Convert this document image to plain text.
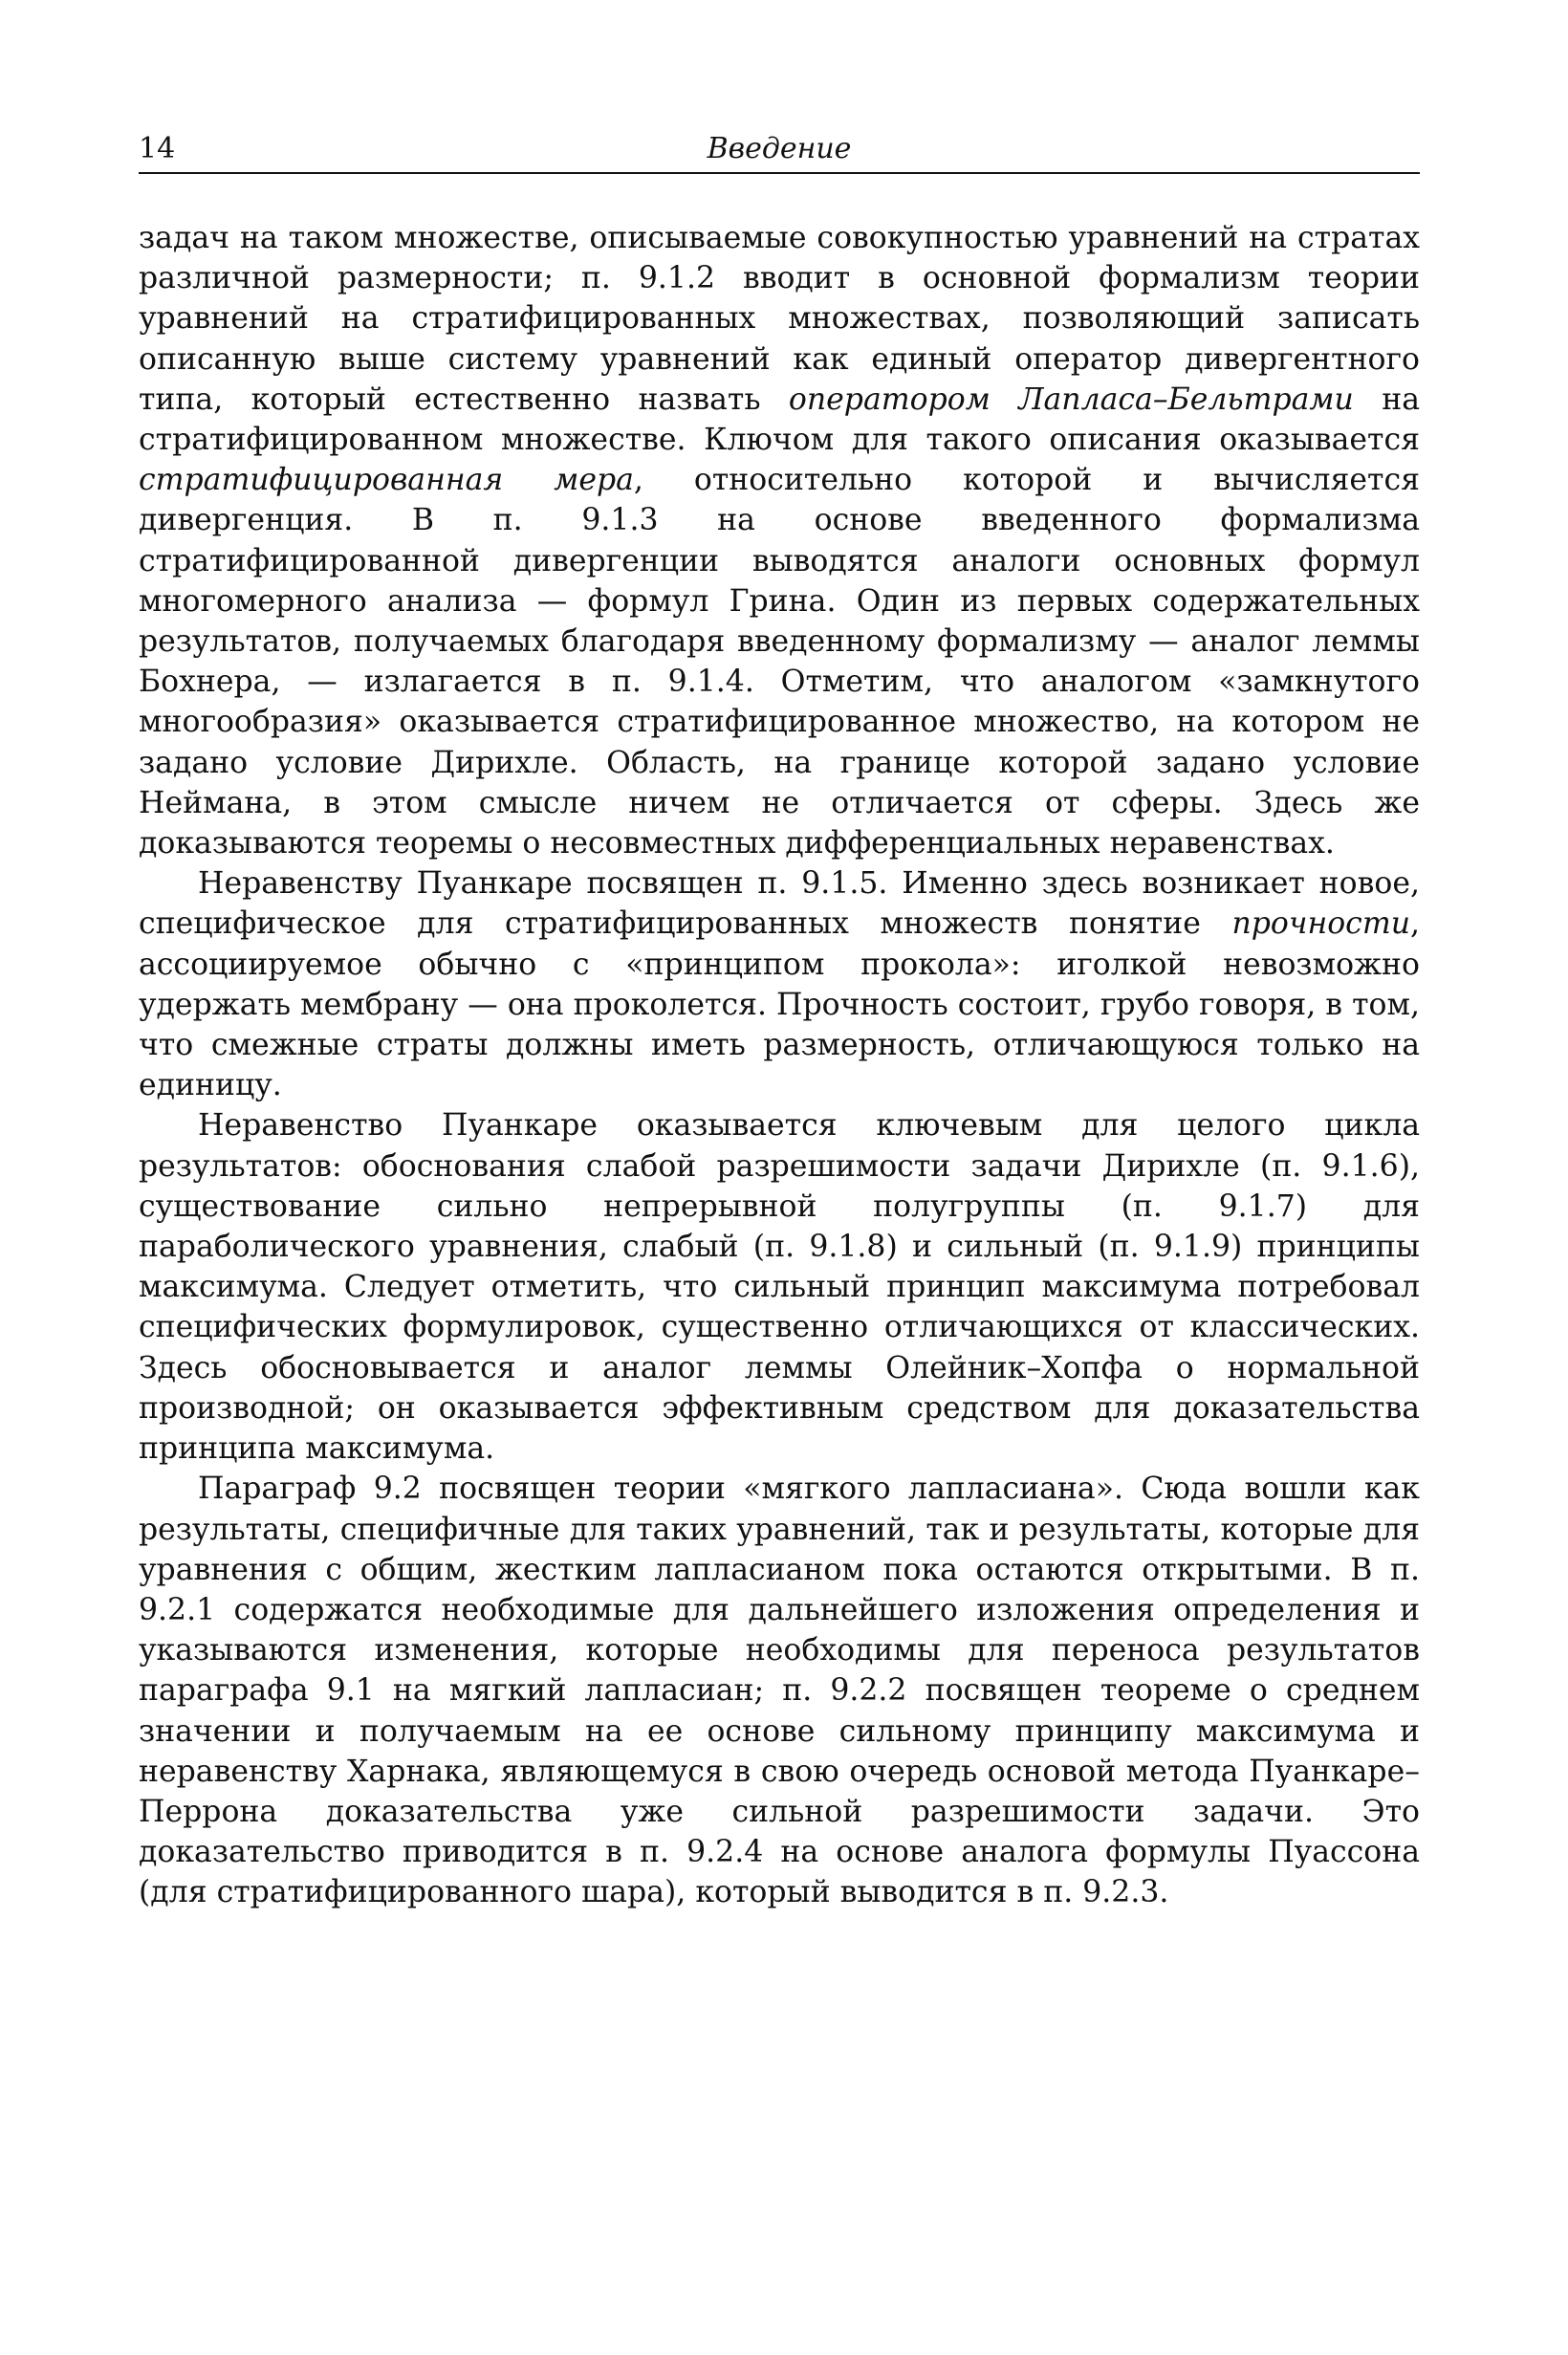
14	Введение

задач на таком множестве, описываемые совокупностью уравнений на стратах различной размерности; п. 9.1.2 вводит в основной формализм теории уравнений на стратифицированных множествах, позволяющий записать описанную выше систему уравнений как единый оператор дивергентного типа, который естественно назвать оператором Лапласа–Бельтрами на стратифицированном множестве. Ключом для такого описания оказывается стратифицированная мера, относительно которой и вычисляется дивергенция. В п. 9.1.3 на основе введенного формализма стратифицированной дивергенции выводятся аналоги основных формул многомерного анализа — формул Грина. Один из первых содержательных результатов, получаемых благодаря введенному формализму — аналог леммы Бохнера, — излагается в п. 9.1.4. Отметим, что аналогом «замкнутого многообразия» оказывается стратифицированное множество, на котором не задано условие Дирихле. Область, на границе которой задано условие Неймана, в этом смысле ничем не отличается от сферы. Здесь же доказываются теоремы о несовместных дифференциальных неравенствах.

Неравенству Пуанкаре посвящен п. 9.1.5. Именно здесь возникает новое, специфическое для стратифицированных множеств понятие прочности, ассоциируемое обычно с «принципом прокола»: иголкой невозможно удержать мембрану — она проколется. Прочность состоит, грубо говоря, в том, что смежные страты должны иметь размерность, отличающуюся только на единицу.

Неравенство Пуанкаре оказывается ключевым для целого цикла результатов: обоснования слабой разрешимости задачи Дирихле (п. 9.1.6), существование сильно непрерывной полугруппы (п. 9.1.7) для параболического уравнения, слабый (п. 9.1.8) и сильный (п. 9.1.9) принципы максимума. Следует отметить, что сильный принцип максимума потребовал специфических формулировок, существенно отличающихся от классических. Здесь обосновывается и аналог леммы Олейник–Хопфа о нормальной производной; он оказывается эффективным средством для доказательства принципа максимума.

Параграф 9.2 посвящен теории «мягкого лапласиана». Сюда вошли как результаты, специфичные для таких уравнений, так и результаты, которые для уравнения с общим, жестким лапласианом пока остаются открытыми. В п. 9.2.1 содержатся необходимые для дальнейшего изложения определения и указываются изменения, которые необходимы для переноса результатов параграфа 9.1 на мягкий лапласиан; п. 9.2.2 посвящен теореме о среднем значении и получаемым на ее основе сильному принципу максимума и неравенству Харнака, являющемуся в свою очередь основой метода Пуанкаре–Перрона доказательства уже сильной разрешимости задачи. Это доказательство приводится в п. 9.2.4 на основе аналога формулы Пуассона (для стратифицированного шара), который выводится в п. 9.2.3.
